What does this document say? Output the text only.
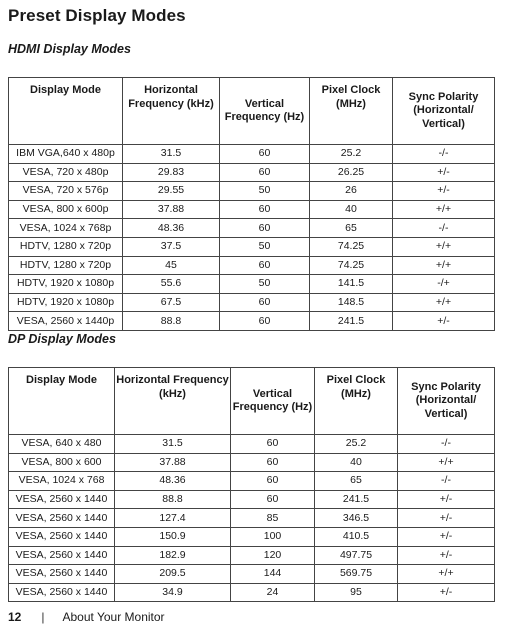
Preset Display Modes
HDMI Display Modes
Display Mode	Horizontal Frequency (kHz)	Vertical Frequency (Hz)	Pixel Clock (MHz)	Sync Polarity (Horizontal/ Vertical)
IBM VGA,640 x 480p	31.5	60	25.2	-/-
VESA, 720 x 480p	29.83	60	26.25	+/-
VESA, 720 x 576p	29.55	50	26	+/-
VESA, 800 x 600p	37.88	60	40	+/+
VESA, 1024 x 768p	48.36	60	65	-/-
HDTV, 1280 x 720p	37.5	50	74.25	+/+
HDTV, 1280 x 720p	45	60	74.25	+/+
HDTV, 1920 x 1080p	55.6	50	141.5	-/+
HDTV, 1920 x 1080p	67.5	60	148.5	+/+
VESA, 2560 x 1440p	88.8	60	241.5	+/-
DP Display Modes
Display Mode	Horizontal Frequency (kHz)	Vertical Frequency (Hz)	Pixel Clock (MHz)	Sync Polarity (Horizontal/ Vertical)
VESA, 640 x 480	31.5	60	25.2	-/-
VESA, 800 x 600	37.88	60	40	+/+
VESA, 1024 x 768	48.36	60	65	-/-
VESA, 2560 x 1440	88.8	60	241.5	+/-
VESA, 2560 x 1440	127.4	85	346.5	+/-
VESA, 2560 x 1440	150.9	100	410.5	+/-
VESA, 2560 x 1440	182.9	120	497.75	+/-
VESA, 2560 x 1440	209.5	144	569.75	+/+
VESA, 2560 x 1440	34.9	24	95	+/-
12 | About Your Monitor
